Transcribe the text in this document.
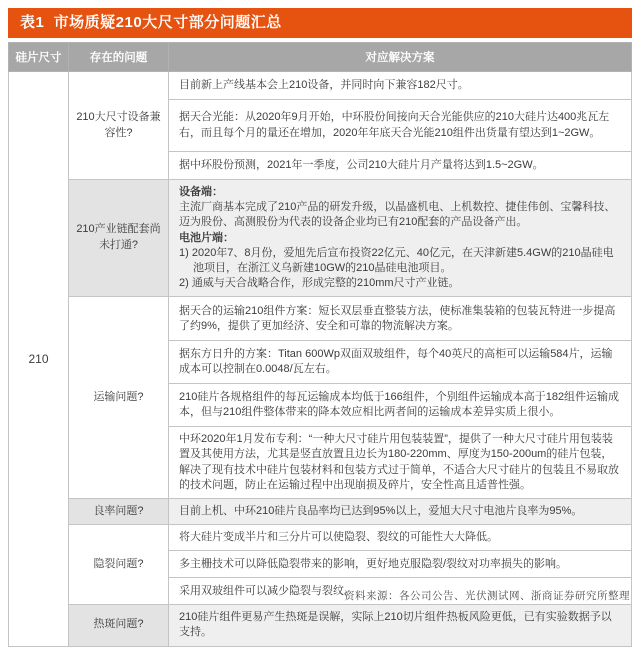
表1  市场质疑210大尺寸部分问题汇总
硅片尺寸	存在的问题	对应解决方案
210	210大尺寸设备兼容性?	目前新上产线基本会上210设备，并同时向下兼容182尺寸。
		据天合光能：从2020年9月开始，中环股份间接向天合光能供应的210大硅片达400兆瓦左右，而且每个月的量还在增加，2020年年底天合光能210组件出货量有望达到1~2GW。
		据中环股份预测，2021年一季度，公司210大硅片月产量将达到1.5~2GW。
	210产业链配套尚未打通?	设备端：
主流厂商基本完成了210产品的研发升级，以晶盛机电、上机数控、捷佳伟创、宝馨科技、迈为股份、高测股份为代表的设备企业均已有210配套的产品设备产出。
电池片端：
1) 2020年7、8月份，爱旭先后宣布投资22亿元、40亿元，在天津新建5.4GW的210晶硅电池项目，在浙江义乌新建10GW的210晶硅电池项目。
2) 通威与天合战略合作，形成完整的210mm尺寸产业链。

	运输问题?	据天合的运输210组件方案：短长双层垂直整装方法，使标准集装箱的包装瓦特进一步提高了约9%，提供了更加经济、安全和可靠的物流解决方案。
		据东方日升的方案：Titan 600Wp双面双玻组件，每个40英尺的高柜可以运输584片，运输成本可以控制在0.0048/瓦左右。
		210硅片各规格组件的每瓦运输成本均低于166组件，个别组件运输成本高于182组件运输成本，但与210组件整体带来的降本效应相比两者间的运输成本差异实质上很小。
		中环2020年1月发布专利：“一种大尺寸硅片用包装装置”，提供了一种大尺寸硅片用包装装置及其使用方法，尤其是竖直放置且边长为180-220mm、厚度为150-200um的硅片包装，解决了现有技术中硅片包装材料和包装方式过于简单，不适合大尺寸硅片的包装且不易取放的技术问题，防止在运输过程中出现崩损及碎片，安全性高且适普性强。
	良率问题?	目前上机、中环210硅片良品率均已达到95%以上，爱旭大尺寸电池片良率为95%。
	隐裂问题?	将大硅片变成半片和三分片可以使隐裂、裂纹的可能性大大降低。
		多主栅技术可以降低隐裂带来的影响，更好地克服隐裂/裂纹对功率损失的影响。
		采用双玻组件可以减少隐裂与裂纹。
	热斑问题?	210硅片组件更易产生热斑是误解，实际上210切片组件热板风险更低，已有实验数据予以支持。
资料来源：各公司公告、光伏测试网、浙商证券研究所整理
